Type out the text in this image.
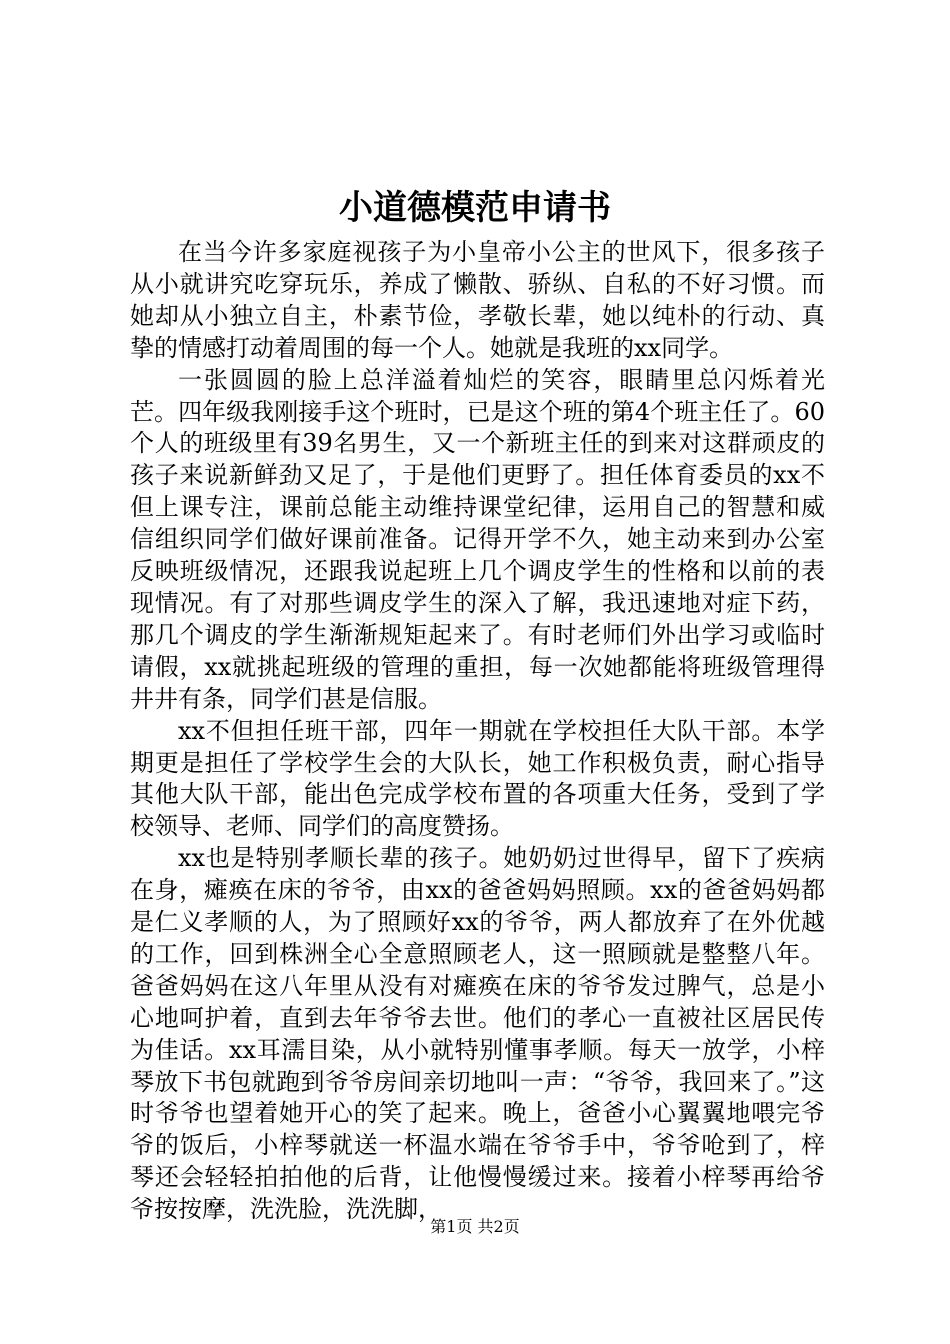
小道德模范申请书

在当今许多家庭视孩子为小皇帝小公主的世风下，很多孩子从小就讲究吃穿玩乐，养成了懒散、骄纵、自私的不好习惯。而她却从小独立自主，朴素节俭，孝敬长辈，她以纯朴的行动、真挚的情感打动着周围的每一个人。她就是我班的xx同学。

一张圆圆的脸上总洋溢着灿烂的笑容，眼睛里总闪烁着光芒。四年级我刚接手这个班时，已是这个班的第4个班主任了。60个人的班级里有39名男生，又一个新班主任的到来对这群顽皮的孩子来说新鲜劲又足了，于是他们更野了。担任体育委员的xx不但上课专注，课前总能主动维持课堂纪律，运用自己的智慧和威信组织同学们做好课前准备。记得开学不久，她主动来到办公室反映班级情况，还跟我说起班上几个调皮学生的性格和以前的表现情况。有了对那些调皮学生的深入了解，我迅速地对症下药，那几个调皮的学生渐渐规矩起来了。有时老师们外出学习或临时请假，xx就挑起班级的管理的重担，每一次她都能将班级管理得井井有条，同学们甚是信服。

xx不但担任班干部，四年一期就在学校担任大队干部。本学期更是担任了学校学生会的大队长，她工作积极负责，耐心指导其他大队干部，能出色完成学校布置的各项重大任务，受到了学校领导、老师、同学们的高度赞扬。

xx也是特别孝顺长辈的孩子。她奶奶过世得早，留下了疾病在身，瘫痪在床的爷爷，由xx的爸爸妈妈照顾。xx的爸爸妈妈都是仁义孝顺的人，为了照顾好xx的爷爷，两人都放弃了在外优越的工作，回到株洲全心全意照顾老人，这一照顾就是整整八年。爸爸妈妈在这八年里从没有对瘫痪在床的爷爷发过脾气，总是小心地呵护着，直到去年爷爷去世。他们的孝心一直被社区居民传为佳话。xx耳濡目染，从小就特别懂事孝顺。每天一放学，小梓琴放下书包就跑到爷爷房间亲切地叫一声：“爷爷，我回来了。”这时爷爷也望着她开心的笑了起来。晚上，爸爸小心翼翼地喂完爷爷的饭后，小梓琴就送一杯温水端在爷爷手中，爷爷呛到了，梓琴还会轻轻拍拍他的后背，让他慢慢缓过来。接着小梓琴再给爷爷按按摩，洗洗脸，洗洗脚，

第1页 共2页
